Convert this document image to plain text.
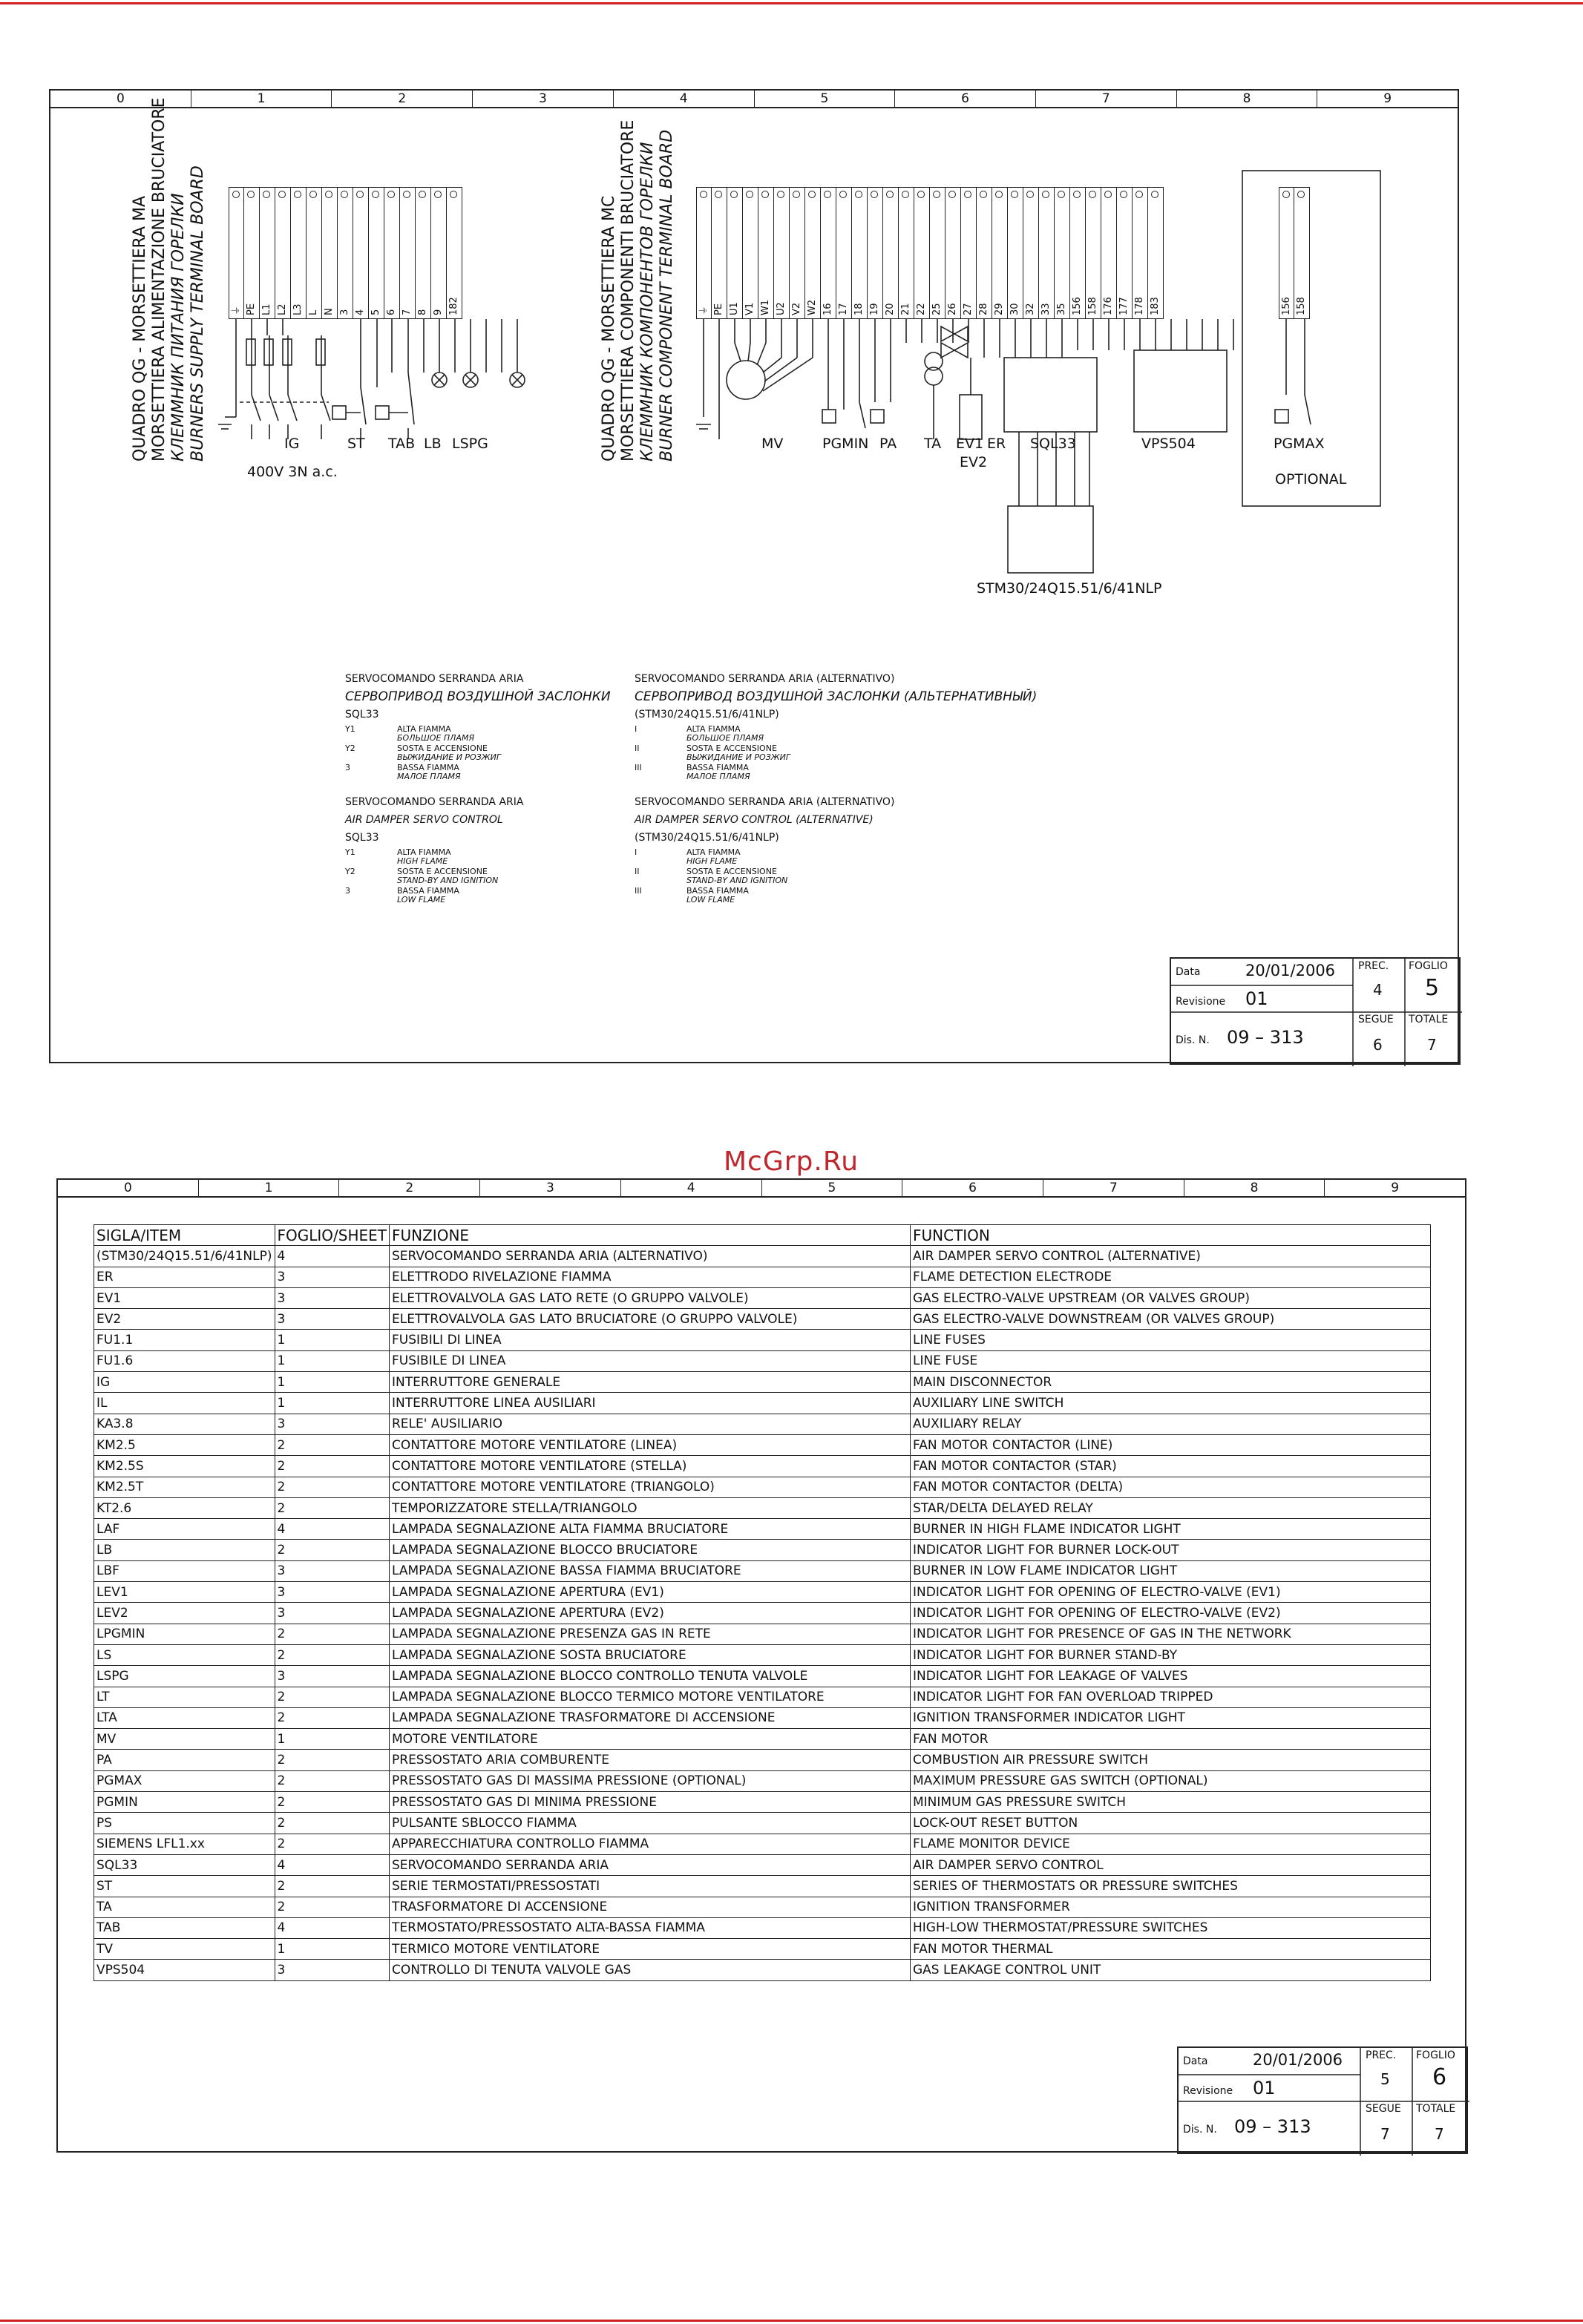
0	1	2	3	4	5	6	7	8	9
QUADRO QG - MORSETTIERA MA MORSETTIERA ALIMENTAZIONE BRUCIATORE КЛЕММНИК ПИТАНИЯ ГОРЕЛКИ BURNERS SUPPLY TERMINAL BOARD	⏚ PE L1 L2 L3 L N 3 4 5 6 7 8 9 182	QUADRO QG - MORSETTIERA MC MORSETTIERA COMPONENTI BRUCIATORE КЛЕММНИК КОМПОНЕНТОВ ГОРЕЛКИ BURNER COMPONENT TERMINAL BOARD	⏚ PE U1 V1 W1 U2 V2 W2 16 17 18 19 20 21 22 25 26 27 28 29 30 32 33 35 156 158 176 177 178 183	156 158
IG	ST TAB LB LSPG
400V 3N a.c.
MV	PGMIN PA TA EV1 ER
EV2
SQL33	VPS504
STM30/24Q15.51/6/41NLP
PGMAX
OPTIONAL
SERVOCOMANDO SERRANDA ARIA
СЕРВОПРИВОД ВОЗДУШНОЙ ЗАСЛОНКИ
SQL33
Y1	ALTA FIAMMA
БОЛЬШОЕ ПЛАМЯ
Y2	SOSTA E ACCENSIONE
ВЫЖИДАНИЕ И РОЗЖИГ
3	BASSA FIAMMA
МАЛОЕ ПЛАМЯ
SERVOCOMANDO SERRANDA ARIA
AIR DAMPER SERVO CONTROL
SQL33
Y1	ALTA FIAMMA
HIGH FLAME
Y2	SOSTA E ACCENSIONE
STAND-BY AND IGNITION
3	BASSA FIAMMA
LOW FLAME
SERVOCOMANDO SERRANDA ARIA (ALTERNATIVO)
СЕРВОПРИВОД ВОЗДУШНОЙ ЗАСЛОНКИ (АЛЬТЕРНАТИВНЫЙ)
(STM30/24Q15.51/6/41NLP)
I	ALTA FIAMMA
БОЛЬШОЕ ПЛАМЯ
II	SOSTA E ACCENSIONE
ВЫЖИДАНИЕ И РОЗЖИГ
III	BASSA FIAMMA
МАЛОЕ ПЛАМЯ
SERVOCOMANDO SERRANDA ARIA (ALTERNATIVO)
AIR DAMPER SERVO CONTROL (ALTERNATIVE)
(STM30/24Q15.51/6/41NLP)
I	ALTA FIAMMA
HIGH FLAME
II	SOSTA E ACCENSIONE
STAND-BY AND IGNITION
III	BASSA FIAMMA
LOW FLAME
Data	20/01/2006
Revisione 01
Dis. N. 09 – 313
PREC.
4
FOGLIO
5
SEGUE
6
TOTALE
7
McGrp.Ru
0	1	2	3	4	5	6	7	8	9
SIGLA/ITEM	FOGLIO/SHEET	FUNZIONE	FUNCTION
(STM30/24Q15.51/6/41NLP)	4	SERVOCOMANDO SERRANDA ARIA (ALTERNATIVO)	AIR DAMPER SERVO CONTROL (ALTERNATIVE)
ER	3	ELETTRODO RIVELAZIONE FIAMMA	FLAME DETECTION ELECTRODE
EV1	3	ELETTROVALVOLA GAS LATO RETE (O GRUPPO VALVOLE)	GAS ELECTRO-VALVE UPSTREAM (OR VALVES GROUP)
EV2	3	ELETTROVALVOLA GAS LATO BRUCIATORE (O GRUPPO VALVOLE)	GAS ELECTRO-VALVE DOWNSTREAM (OR VALVES GROUP)
FU1.1	1	FUSIBILI DI LINEA	LINE FUSES
FU1.6	1	FUSIBILE DI LINEA	LINE FUSE
IG	1	INTERRUTTORE GENERALE	MAIN DISCONNECTOR
IL	1	INTERRUTTORE LINEA AUSILIARI	AUXILIARY LINE SWITCH
KA3.8	3	RELE' AUSILIARIO	AUXILIARY RELAY
KM2.5	2	CONTATTORE MOTORE VENTILATORE (LINEA)	FAN MOTOR CONTACTOR (LINE)
KM2.5S	2	CONTATTORE MOTORE VENTILATORE (STELLA)	FAN MOTOR CONTACTOR (STAR)
KM2.5T	2	CONTATTORE MOTORE VENTILATORE (TRIANGOLO)	FAN MOTOR CONTACTOR (DELTA)
KT2.6	2	TEMPORIZZATORE STELLA/TRIANGOLO	STAR/DELTA DELAYED RELAY
LAF	4	LAMPADA SEGNALAZIONE ALTA FIAMMA BRUCIATORE	BURNER IN HIGH FLAME INDICATOR LIGHT
LB	2	LAMPADA SEGNALAZIONE BLOCCO BRUCIATORE	INDICATOR LIGHT FOR BURNER LOCK-OUT
LBF	3	LAMPADA SEGNALAZIONE BASSA FIAMMA BRUCIATORE	BURNER IN LOW FLAME INDICATOR LIGHT
LEV1	3	LAMPADA SEGNALAZIONE APERTURA (EV1)	INDICATOR LIGHT FOR OPENING OF ELECTRO-VALVE (EV1)
LEV2	3	LAMPADA SEGNALAZIONE APERTURA (EV2)	INDICATOR LIGHT FOR OPENING OF ELECTRO-VALVE (EV2)
LPGMIN	2	LAMPADA SEGNALAZIONE PRESENZA GAS IN RETE	INDICATOR LIGHT FOR PRESENCE OF GAS IN THE NETWORK
LS	2	LAMPADA SEGNALAZIONE SOSTA BRUCIATORE	INDICATOR LIGHT FOR BURNER STAND-BY
LSPG	3	LAMPADA SEGNALAZIONE BLOCCO CONTROLLO TENUTA VALVOLE	INDICATOR LIGHT FOR LEAKAGE OF VALVES
LT	2	LAMPADA SEGNALAZIONE BLOCCO TERMICO MOTORE VENTILATORE	INDICATOR LIGHT FOR FAN OVERLOAD TRIPPED
LTA	2	LAMPADA SEGNALAZIONE TRASFORMATORE DI ACCENSIONE	IGNITION TRANSFORMER INDICATOR LIGHT
MV	1	MOTORE VENTILATORE	FAN MOTOR
PA	2	PRESSOSTATO ARIA COMBURENTE	COMBUSTION AIR PRESSURE SWITCH
PGMAX	2	PRESSOSTATO GAS DI MASSIMA PRESSIONE (OPTIONAL)	MAXIMUM PRESSURE GAS SWITCH (OPTIONAL)
PGMIN	2	PRESSOSTATO GAS DI MINIMA PRESSIONE	MINIMUM GAS PRESSURE SWITCH
PS	2	PULSANTE SBLOCCO FIAMMA	LOCK-OUT RESET BUTTON
SIEMENS LFL1.xx	2	APPARECCHIATURA CONTROLLO FIAMMA	FLAME MONITOR DEVICE
SQL33	4	SERVOCOMANDO SERRANDA ARIA	AIR DAMPER SERVO CONTROL
ST	2	SERIE TERMOSTATI/PRESSOSTATI	SERIES OF THERMOSTATS OR PRESSURE SWITCHES
TA	2	TRASFORMATORE DI ACCENSIONE	IGNITION TRANSFORMER
TAB	4	TERMOSTATO/PRESSOSTATO ALTA-BASSA FIAMMA	HIGH-LOW THERMOSTAT/PRESSURE SWITCHES
TV	1	TERMICO MOTORE VENTILATORE	FAN MOTOR THERMAL
VPS504	3	CONTROLLO DI TENUTA VALVOLE GAS	GAS LEAKAGE CONTROL UNIT
Data	20/01/2006
Revisione 01
Dis. N. 09 – 313
PREC.
5
FOGLIO
6
SEGUE
7
TOTALE
7
